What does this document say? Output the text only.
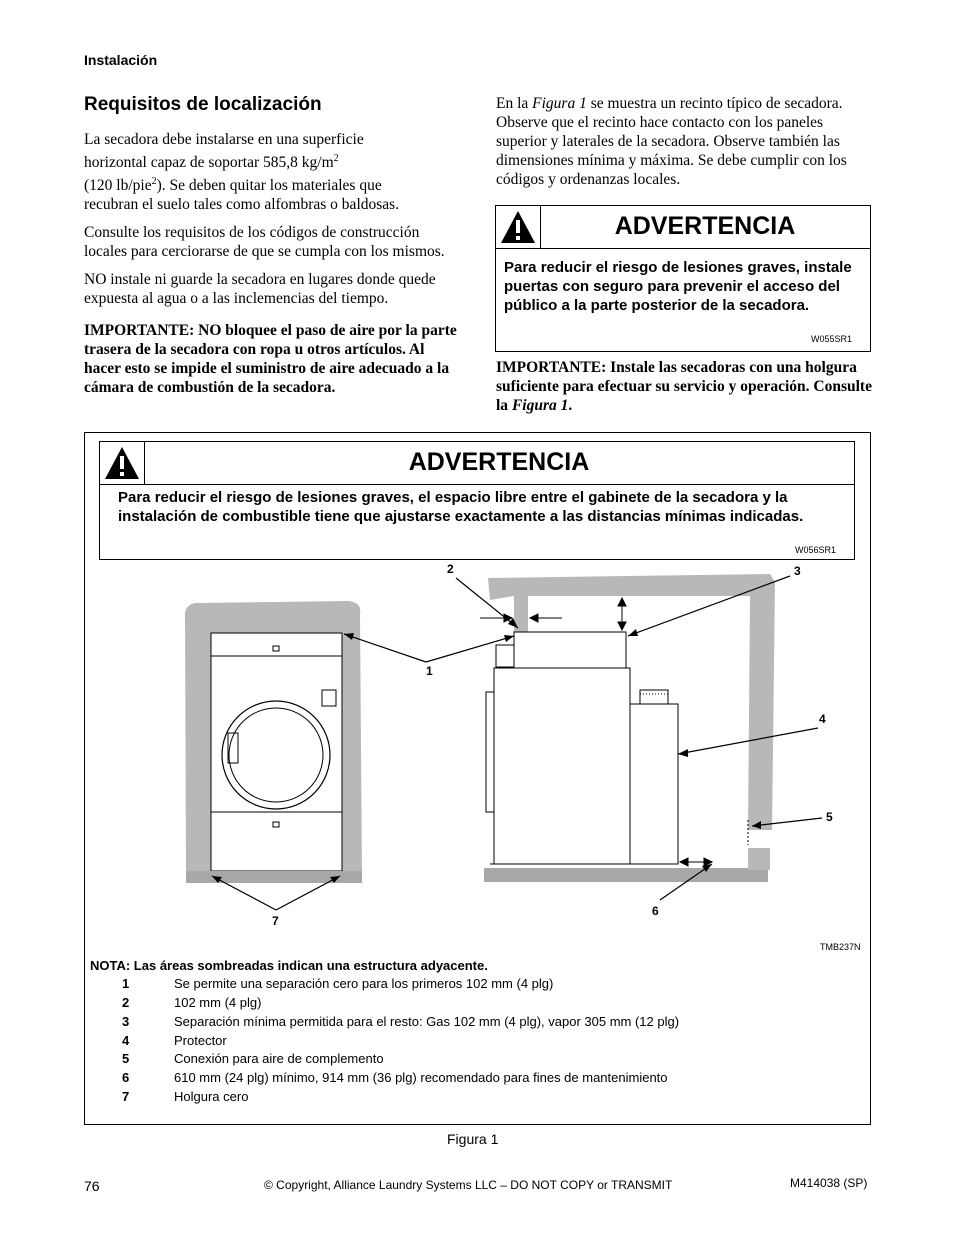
Instalación
Requisitos de localización

La secadora debe instalarse en una superficie
horizontal capaz de soportar 585,8 $kg/m^2$
(120 lb/pie$^2$). Se deben quitar los materiales que
recubran el suelo tales como alfombras o baldosas.

Consulte los requisitos de los códigos de construcción locales para cerciorarse de que se cumpla con los mismos.

NO instale ni guarde la secadora en lugares donde quede expuesta al agua o a las inclemencias del tiempo.

IMPORTANTE: NO bloquee el paso de aire por la parte trasera de la secadora con ropa u otros artículos. Al hacer esto se impide el suministro de aire adecuado a la cámara de combustión de la secadora.

En la Figura 1 se muestra un recinto típico de secadora. Observe que el recinto hace contacto con los paneles superior y laterales de la secadora. Observe también las dimensiones mínima y máxima. Se debe cumplir con los códigos y ordenanzas locales.

ADVERTENCIA
Para reducir el riesgo de lesiones graves, instale puertas con seguro para prevenir el acceso del público a la parte posterior de la secadora.
W055SR1

IMPORTANTE: Instale las secadoras con una holgura suficiente para efectuar su servicio y operación. Consulte la Figura 1.

ADVERTENCIA
Para reducir el riesgo de lesiones graves, el espacio libre entre el gabinete de la secadora y la instalación de combustible tiene que ajustarse exactamente a las distancias mínimas indicadas.
W056SR1
1
2	3
4
5
6
7
TMB237N
NOTA: Las áreas sombreadas indican una estructura adyacente.
1	Se permite una separación cero para los primeros 102 mm (4 plg)
2	102 mm (4 plg)
3	Separación mínima permitida para el resto: Gas 102 mm (4 plg), vapor 305 mm (12 plg)
4	Protector
5	Conexión para aire de complemento
6	610 mm (24 plg) mínimo, 914 mm (36 plg) recomendado para fines de mantenimiento
7	Holgura cero
Figura 1
76	© Copyright, Alliance Laundry Systems LLC – DO NOT COPY or TRANSMIT	M414038 (SP)
